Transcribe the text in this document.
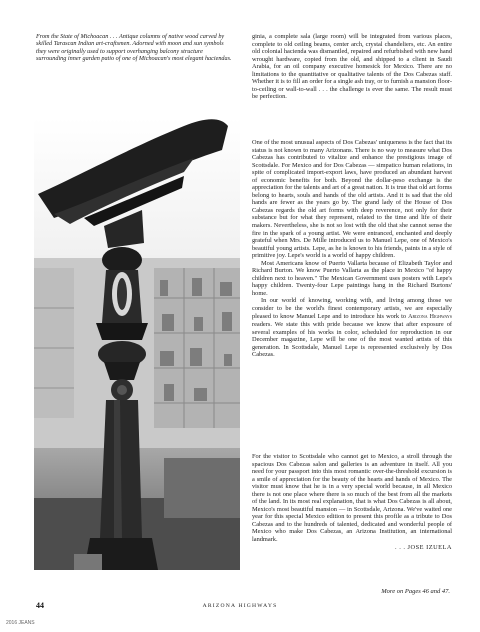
From the State of Michoacan . . . Antique columns of native wood carved by skilled Tarascan Indian art-craftsmen. Adorned with moon and sun symbols they were originally used to support overhanging balcony structure surrounding inner garden patio of one of Michoacan's most elegant haciendas.

ginia, a complete sala (large room) will be integrated from various places, complete to old ceiling beams, center arch, crystal chandeliers, etc. An entire old colonial hacienda was dismantled, repaired and refurbished with new hand wrought hardware, copied from the old, and shipped to a client in Saudi Arabia, for an oil company executive homesick for Mexico. There are no limitations to the quantitative or qualitative talents of the Dos Cabezas staff. Whether it is to fill an order for a single ash tray, or to furnish a mansion floor-to-ceiling or wall-to-wall . . . the challenge is ever the same. The result must be perfection.

One of the most unusual aspects of Dos Cabezas' uniqueness is the fact that its status is not known to many Arizonans. There is no way to measure what Dos Cabezas has contributed to vitalize and enhance the prestigious image of Scottsdale. For Mexico and for Dos Cabezas — simpatico human relations, in spite of complicated import-export laws, have produced an abundant harvest of economic benefits for both. Beyond the dollar-peso exchange is the appreciation for the talents and art of a great nation. It is true that old art forms belong to hearts, souls and hands of the old artists. And it is sad that the old hands are fewer as the years go by. The grand lady of the House of Dos Cabezas regards the old art forms with deep reverence, not only for their substance but for what they represent, related to the time and life of their makers. Nevertheless, she is not so lost with the old that she cannot sense the fire in the spark of a young artist. We were entranced, enchanted and deeply grateful when Mrs. De Mille introduced us to Manuel Lepe, one of Mexico's beautiful young artists. Lepe, as he is known to his friends, paints in a style of primitive joy. Lepe's world is a world of happy children.

Most Americans know of Puerto Vallarta because of Elizabeth Taylor and Richard Burton. We know Puerto Vallarta as the place in Mexico "of happy children next to heaven." The Mexican Government uses posters with Lepe's happy children. Twenty-four Lepe paintings hang in the Richard Burtons' home.

In our world of knowing, working with, and living among those we consider to be the world's finest contemporary artists, we are especially pleased to know Manuel Lepe and to introduce his work to Arizona Highways readers. We state this with pride because we know that after exposure of several examples of his works in color, scheduled for reproduction in our December magazine, Lepe will be one of the most wanted artists of this generation. In Scottsdale, Manuel Lepe is represented exclusively by Dos Cabezas.

For the visitor to Scottsdale who cannot get to Mexico, a stroll through the spacious Dos Cabezas salon and galleries is an adventure in itself. All you need for your passport into this most romantic over-the-threshold excursion is a smile of appreciation for the beauty of the hearts and hands of Mexico. The visitor must know that he is in a very special world because, in all Mexico there is not one place where there is so much of the best from all the markets of the land. In its most real explanation, that is what Dos Cabezas is all about, Mexico's most beautiful mansion — in Scottsdale, Arizona. We've waited one year for this special Mexico edition to present this profile as a tribute to Dos Cabezas and to the hundreds of talented, dedicated and wonderful people of Mexico who make Dos Cabezas, an Arizona Institution, an international landmark.

. . . JOSE IZUELA
More on Pages 46 and 47.
44	ARIZONA HIGHWAYS
2016 JEANS
